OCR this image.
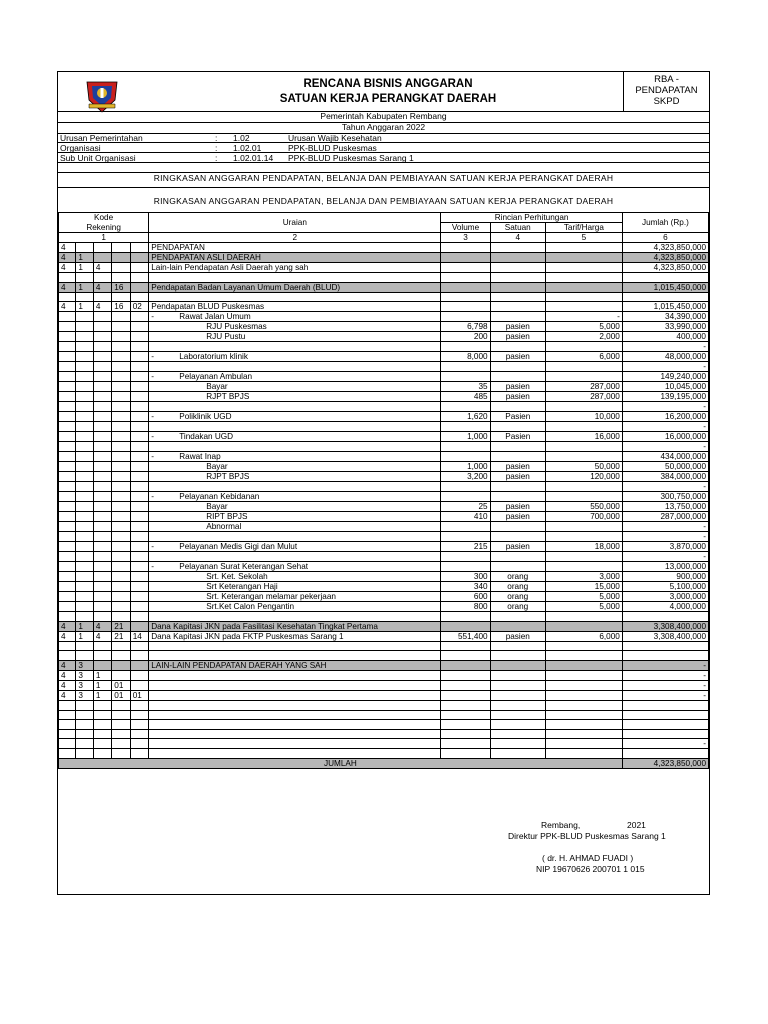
RENCANA BISNIS ANGGARAN
SATUAN KERJA PERANGKAT DAERAH
RBA -
PENDAPATAN
SKPD
Pemerintah Kabupaten Rembang
Tahun Anggaran 2022
Urusan Pemerintahan	: 1.02	Urusan Wajib Kesehatan
Organisasi	: 1.02.01	PPK-BLUD Puskesmas
Sub Unit Organisasi	: 1.02.01.14 PPK-BLUD Puskesmas Sarang 1
RINGKASAN ANGGARAN PENDAPATAN, BELANJA DAN PEMBIAYAAN SATUAN KERJA PERANGKAT DAERAH
RINGKASAN ANGGARAN PENDAPATAN, BELANJA DAN PEMBIAYAAN SATUAN KERJA PERANGKAT DAERAH
Kode
Rekening					Uraian	Rincian Perhitungan			Jumlah (Rp.)
						Volume	Satuan	Tarif/Harga	
1					2	3	4	5	6
4					PENDAPATAN				4,323,850,000
4	1				PENDAPATAN ASLI DAERAH				4,323,850,000
4	1	4			Lain-lain Pendapatan Asli Daerah yang sah				4,323,850,000

4	1	4	16		Pendapatan Badan Layanan Umum Daerah (BLUD)				1,015,450,000

4	1	4	16	02	Pendapatan BLUD Puskesmas				1,015,450,000
					- Rawat Jalan Umum			-	34,390,000
					RJU Puskesmas	6,798	pasien	5,000	33,990,000
					RJU Pustu	200	pasien	2,000	400,000
									-
					- Laboratorium klinik	8,000	pasien	6,000	48,000,000
									-
					- Pelayanan Ambulan				149,240,000
					Bayar	35	pasien	287,000	10,045,000
					RJPT BPJS	485	pasien	287,000	139,195,000
									-
					- Poliklinik UGD	1,620	Pasien	10,000	16,200,000
									-
					- Tindakan UGD	1,000	Pasien	16,000	16,000,000
									-
					- Rawat Inap				434,000,000
					Bayar	1,000	pasien	50,000	50,000,000
					RJPT BPJS	3,200	pasien	120,000	384,000,000
									-
					- Pelayanan Kebidanan				300,750,000
					Bayar	25	pasien	550,000	13,750,000
					RIPT BPJS	410	pasien	700,000	287,000,000
					Abnormal				-
									-
					- Pelayanan Medis Gigi dan Mulut	215	pasien	18,000	3,870,000
									-
					- Pelayanan Surat Keterangan Sehat				13,000,000
					Srt. Ket. Sekolah	300	orang	3,000	900,000
					Srt Keterangan Haji	340	orang	15,000	5,100,000
					Srt. Keterangan melamar pekerjaan	600	orang	5,000	3,000,000
					Srt.Ket Calon Pengantin	800	orang	5,000	4,000,000

4	1	4	21		Dana Kapitasi JKN pada Fasilitasi Kesehatan Tingkat Pertama				3,308,400,000
4	1	4	21	14	Dana Kapitasi JKN pada FKTP Puskesmas Sarang 1	551,400	pasien	6,000	3,308,400,000

4	3				LAIN-LAIN PENDAPATAN DAERAH YANG SAH				-
4	3	1							-
4	3	1	01						-
4	3	1	01	01					-

									-

JUMLAH									4,323,850,000
Rembang,	2021
Direktur PPK-BLUD Puskesmas Sarang 1
( dr. H. AHMAD FUADI )
NIP 19670626 200701 1 015
